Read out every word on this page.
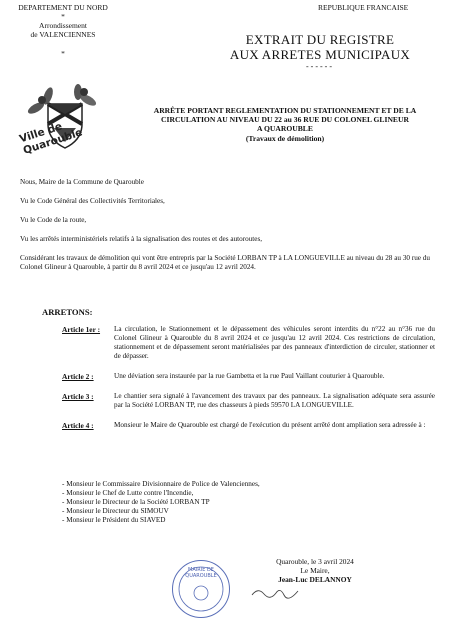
DEPARTEMENT DU NORD
*
Arrondissement
de VALENCIENNES
*
REPUBLIQUE FRANCAISE
EXTRAIT DU REGISTRE
AUX ARRETES MUNICIPAUX
------
Ville de Quarouble
ARRÊTE PORTANT REGLEMENTATION DU STATIONNEMENT ET DE LA
CIRCULATION AU NIVEAU DU 22 au 36 RUE DU COLONEL GLINEUR
A QUAROUBLE
(Travaux de démolition)
Nous, Maire de la Commune de Quarouble
Vu le Code Général des Collectivités Territoriales,
Vu le Code de la route,
Vu les arrêtés interministériels relatifs à la signalisation des routes et des autoroutes,
Considérant les travaux de démolition qui vont être entrepris par la Société LORBAN TP à LA LONGUEVILLE au niveau du 28 au 30 rue du Colonel Glineur à Quarouble, à partir du 8 avril 2024 et ce jusqu'au 12 avril 2024.
ARRETONS:
Article 1er :	La circulation, le Stationnement et le dépassement des véhicules seront interdits du n°22 au n°36 rue du Colonel Glineur à Quarouble du 8 avril 2024 et ce jusqu'au 12 avril 2024. Ces restrictions de circulation, stationnement et de dépassement seront matérialisées par des panneaux d'interdiction de circuler, stationner et de dépasser.
Article 2 :	Une déviation sera instaurée par la rue Gambetta et la rue Paul Vaillant couturier à Quarouble.
Article 3 :	Le chantier sera signalé à l'avancement des travaux par des panneaux. La signalisation adéquate sera assurée par la Société LORBAN TP, rue des chasseurs à pieds 59570 LA LONGUEVILLE.
Article 4 :	Monsieur le Maire de Quarouble est chargé de l'exécution du présent arrêté dont ampliation sera adressée à :
- Monsieur le Commissaire Divisionnaire de Police de Valenciennes,
- Monsieur le Chef de Lutte contre l'Incendie,
- Monsieur le Directeur de la Société LORBAN TP
- Monsieur le Directeur du SIMOUV
- Monsieur le Président du SIAVED
Quarouble, le 3 avril 2024
Le Maire,
Jean-Luc DELANNOY
MAIRIE DE QUAROUBLE
